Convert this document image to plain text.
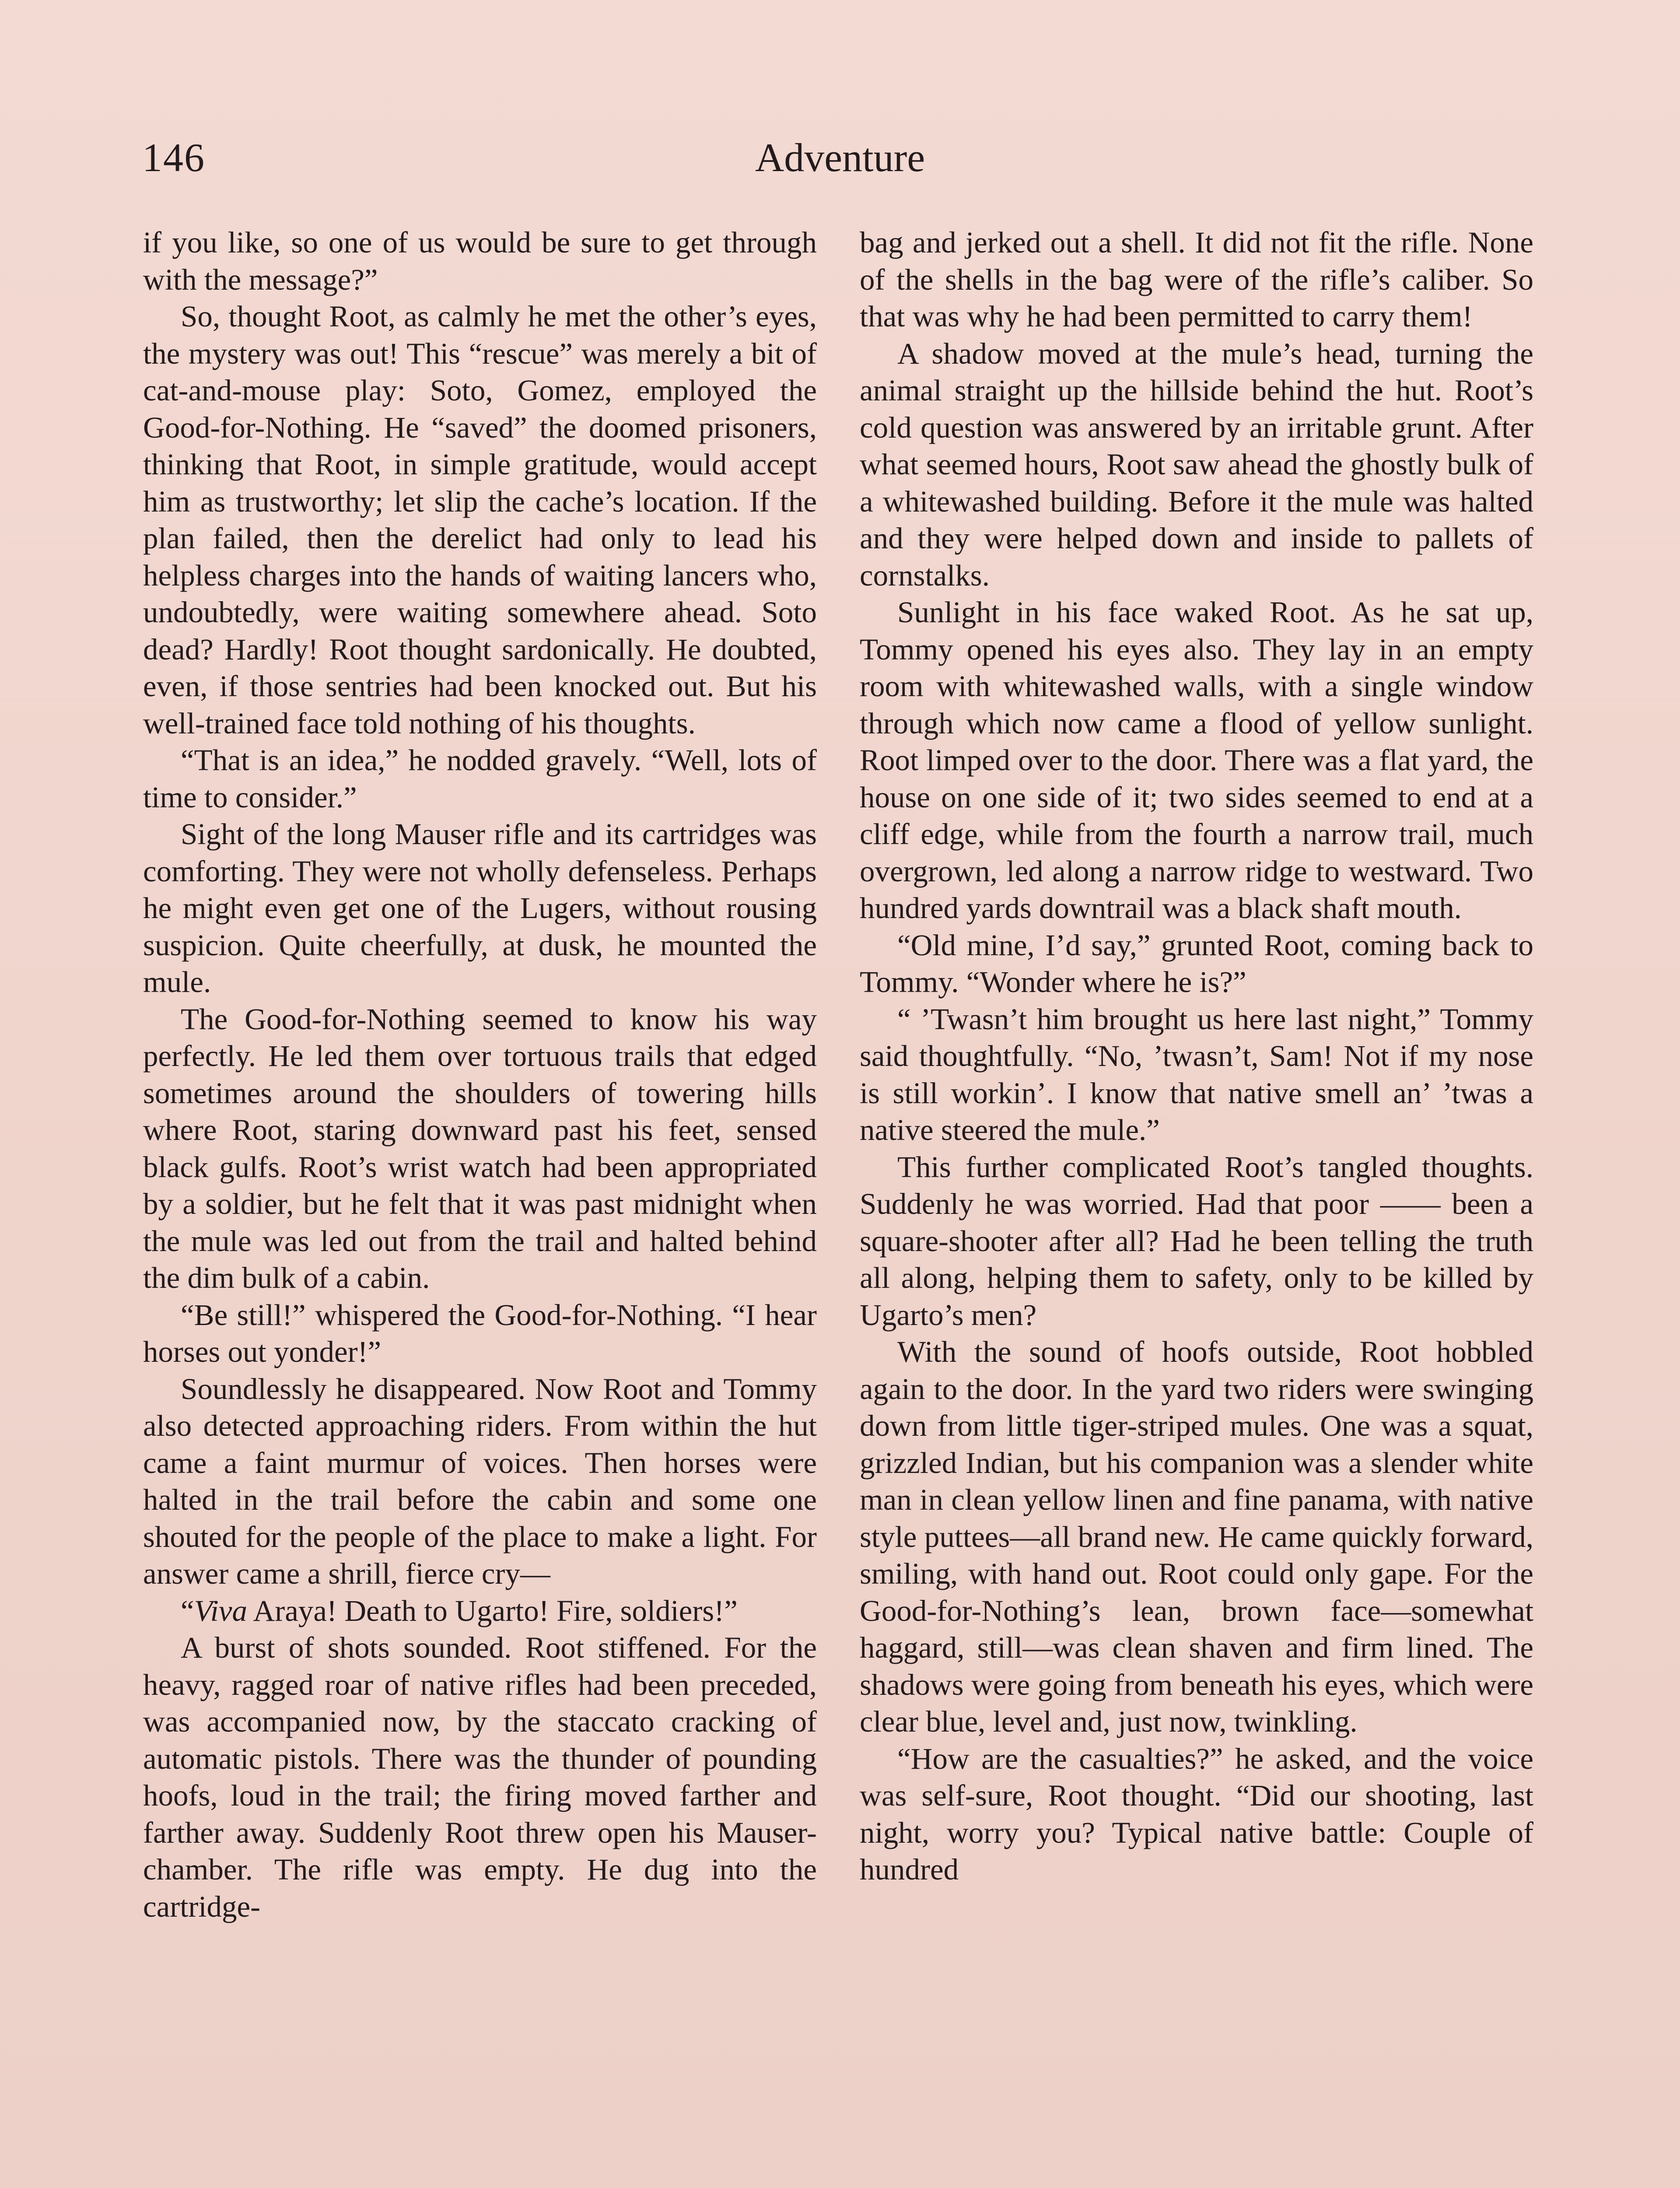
146	Adventure

if you like, so one of us would be sure to get through with the message?”

So, thought Root, as calmly he met the other’s eyes, the mystery was out! This “rescue” was merely a bit of cat-and-mouse play: Soto, Gomez, employed the Good-for-Nothing. He “saved” the doomed prisoners, thinking that Root, in simple gratitude, would accept him as trustworthy; let slip the cache’s location. If the plan failed, then the derelict had only to lead his helpless charges into the hands of waiting lancers who, undoubtedly, were waiting somewhere ahead. Soto dead? Hardly! Root thought sardonically. He doubted, even, if those sentries had been knocked out. But his well-trained face told nothing of his thoughts.

“That is an idea,” he nodded gravely. “Well, lots of time to consider.”

Sight of the long Mauser rifle and its cartridges was comforting. They were not wholly defenseless. Perhaps he might even get one of the Lugers, without rousing suspicion. Quite cheerfully, at dusk, he mounted the mule.

The Good-for-Nothing seemed to know his way perfectly. He led them over tortuous trails that edged sometimes around the shoulders of towering hills where Root, staring downward past his feet, sensed black gulfs. Root’s wrist watch had been appropriated by a soldier, but he felt that it was past midnight when the mule was led out from the trail and halted behind the dim bulk of a cabin.

“Be still!” whispered the Good-for-Nothing. “I hear horses out yonder!”

Soundlessly he disappeared. Now Root and Tommy also detected approaching riders. From within the hut came a faint murmur of voices. Then horses were halted in the trail before the cabin and some one shouted for the people of the place to make a light. For answer came a shrill, fierce cry—

“Viva Araya! Death to Ugarto! Fire, soldiers!”

A burst of shots sounded. Root stiffened. For the heavy, ragged roar of native rifles had been preceded, was accompanied now, by the staccato cracking of automatic pistols. There was the thunder of pounding hoofs, loud in the trail; the firing moved farther and farther away. Suddenly Root threw open his Mauser-chamber. The rifle was empty. He dug into the cartridge-

bag and jerked out a shell. It did not fit the rifle. None of the shells in the bag were of the rifle’s caliber. So that was why he had been permitted to carry them!

A shadow moved at the mule’s head, turning the animal straight up the hillside behind the hut. Root’s cold question was answered by an irritable grunt. After what seemed hours, Root saw ahead the ghostly bulk of a whitewashed building. Before it the mule was halted and they were helped down and inside to pallets of cornstalks.

Sunlight in his face waked Root. As he sat up, Tommy opened his eyes also. They lay in an empty room with whitewashed walls, with a single window through which now came a flood of yellow sunlight. Root limped over to the door. There was a flat yard, the house on one side of it; two sides seemed to end at a cliff edge, while from the fourth a narrow trail, much overgrown, led along a narrow ridge to westward. Two hundred yards downtrail was a black shaft mouth.

“Old mine, I’d say,” grunted Root, coming back to Tommy. “Wonder where he is?”

“ ’Twasn’t him brought us here last night,” Tommy said thoughtfully. “No, ’twasn’t, Sam! Not if my nose is still workin’. I know that native smell an’ ’twas a native steered the mule.”

This further complicated Root’s tangled thoughts. Suddenly he was worried. Had that poor —— been a square-shooter after all? Had he been telling the truth all along, helping them to safety, only to be killed by Ugarto’s men?

With the sound of hoofs outside, Root hobbled again to the door. In the yard two riders were swinging down from little tiger-striped mules. One was a squat, grizzled Indian, but his companion was a slender white man in clean yellow linen and fine panama, with native style puttees—all brand new. He came quickly forward, smiling, with hand out. Root could only gape. For the Good-for-Nothing’s lean, brown face—somewhat haggard, still—was clean shaven and firm lined. The shadows were going from beneath his eyes, which were clear blue, level and, just now, twinkling.

“How are the casualties?” he asked, and the voice was self-sure, Root thought. “Did our shooting, last night, worry you? Typical native battle: Couple of hundred
